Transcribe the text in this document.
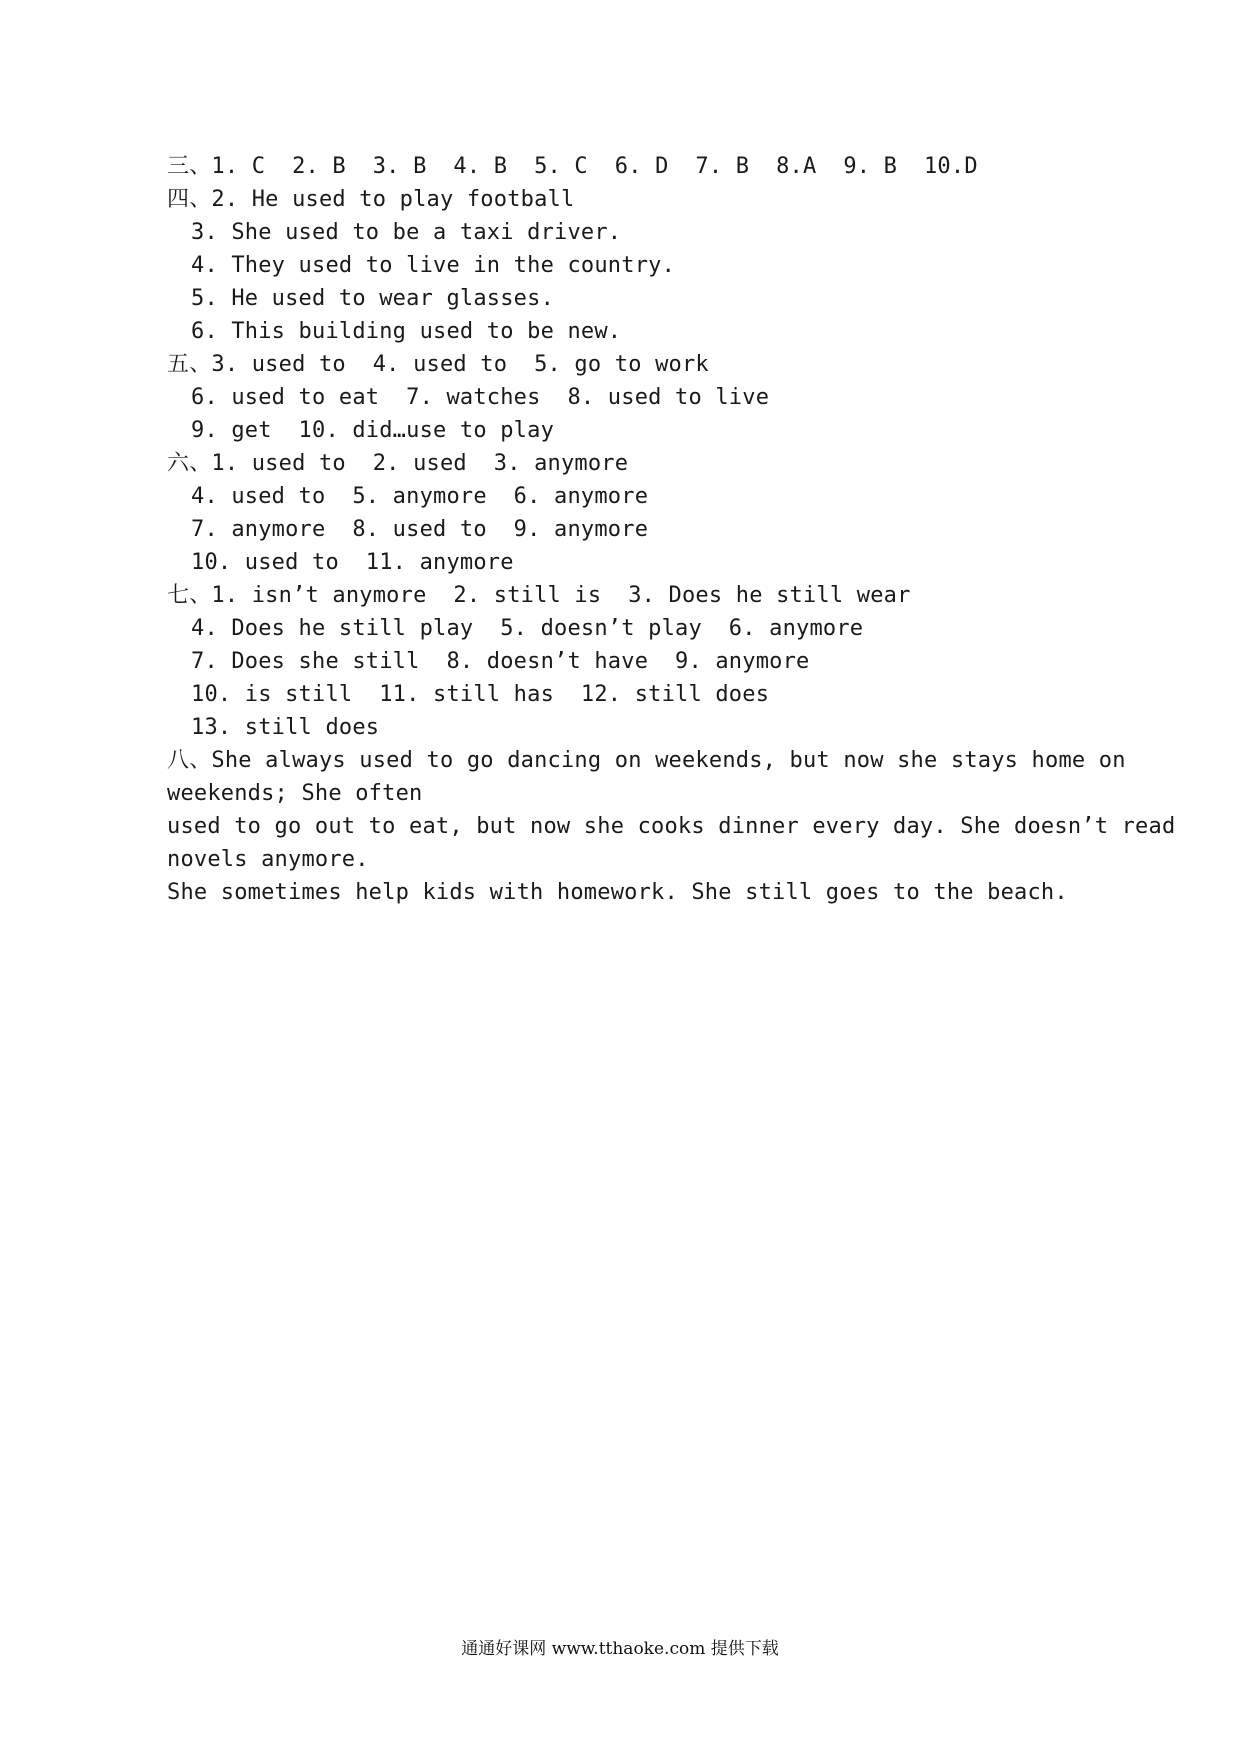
三、1. C  2. B  3. B  4. B  5. C  6. D  7. B  8.A  9. B  10.D
四、2. He used to play football
3. She used to be a taxi driver.
4. They used to live in the country.
5. He used to wear glasses.
6. This building used to be new.
五、3. used to  4. used to  5. go to work
6. used to eat  7. watches  8. used to live
9. get  10. did…use to play
六、1. used to  2. used  3. anymore
4. used to  5. anymore  6. anymore
7. anymore  8. used to  9. anymore
10. used to  11. anymore
七、1. isn’t anymore  2. still is  3. Does he still wear
4. Does he still play  5. doesn’t play  6. anymore
7. Does she still  8. doesn’t have  9. anymore
10. is still  11. still has  12. still does
13. still does
八、She always used to go dancing on weekends, but now she stays home on
weekends; She often
used to go out to eat, but now she cooks dinner every day. She doesn’t read
novels anymore.
She sometimes help kids with homework. She still goes to the beach.
通通好课网 www.tthaoke.com 提供下载
